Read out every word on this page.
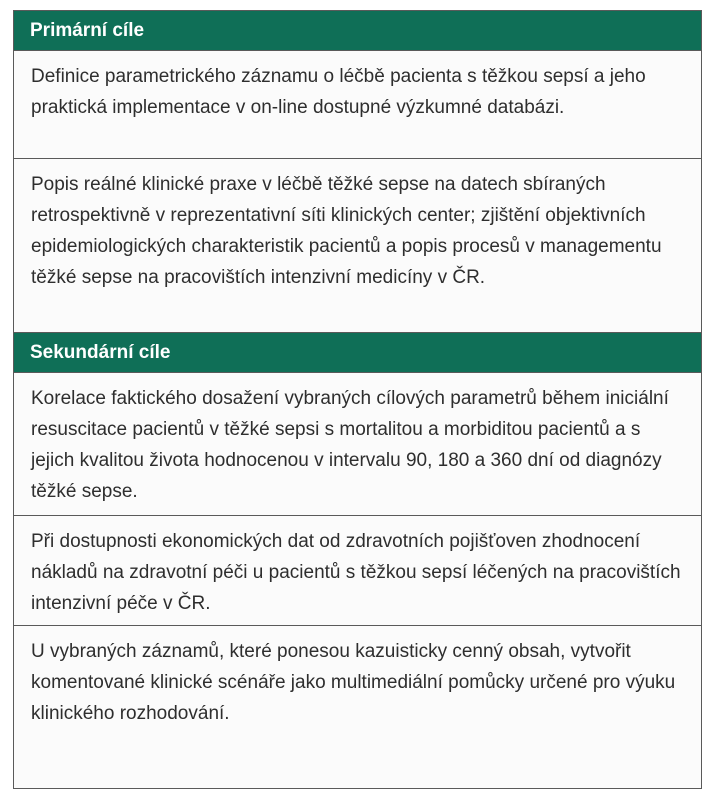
Primární cíle
Definice parametrického záznamu o léčbě pacienta s těžkou sepsí a jeho praktická implementace v on-line dostupné výzkumné databázi.
Popis reálné klinické praxe v léčbě těžké sepse na datech sbíraných retrospektivně v reprezentativní síti klinických center; zjištění objektivních epidemiologických charakteristik pacientů a popis procesů v managementu těžké sepse na pracovištích intenzivní medicíny v ČR.
Sekundární cíle
Korelace faktického dosažení vybraných cílových parametrů během iniciální resuscitace pacientů v těžké sepsi s mortalitou a morbiditou pacientů a s jejich kvalitou života hodnocenou v intervalu 90, 180 a 360 dní od diagnózy těžké sepse.
Při dostupnosti ekonomických dat od zdravotních pojišťoven zhodnocení nákladů na zdravotní péči u pacientů s těžkou sepsí léčených na pracovištích intenzivní péče v ČR.
U vybraných záznamů, které ponesou kazuisticky cenný obsah, vytvořit komentované klinické scénáře jako multimediální pomůcky určené pro výuku klinického rozhodování.
